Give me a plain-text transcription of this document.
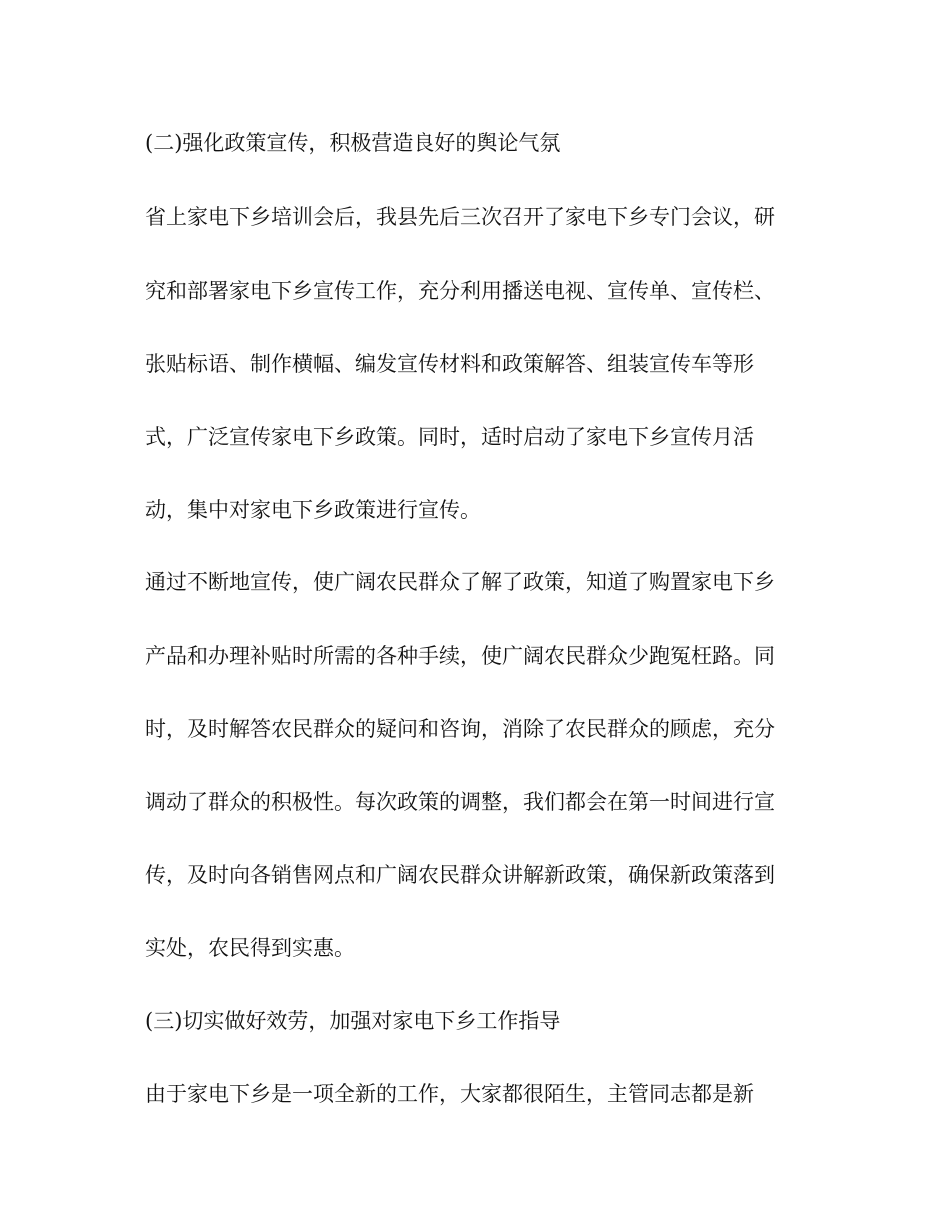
(二)强化政策宣传，积极营造良好的舆论气氛
省上家电下乡培训会后，我县先后三次召开了家电下乡专门会议，研
究和部署家电下乡宣传工作，充分利用播送电视、宣传单、宣传栏、
张贴标语、制作横幅、编发宣传材料和政策解答、组装宣传车等形
式，广泛宣传家电下乡政策。同时，适时启动了家电下乡宣传月活
动，集中对家电下乡政策进行宣传。
通过不断地宣传，使广阔农民群众了解了政策，知道了购置家电下乡
产品和办理补贴时所需的各种手续，使广阔农民群众少跑冤枉路。同
时，及时解答农民群众的疑问和咨询，消除了农民群众的顾虑，充分
调动了群众的积极性。每次政策的调整，我们都会在第一时间进行宣
传，及时向各销售网点和广阔农民群众讲解新政策，确保新政策落到
实处，农民得到实惠。
(三)切实做好效劳，加强对家电下乡工作指导
由于家电下乡是一项全新的工作，大家都很陌生，主管同志都是新
